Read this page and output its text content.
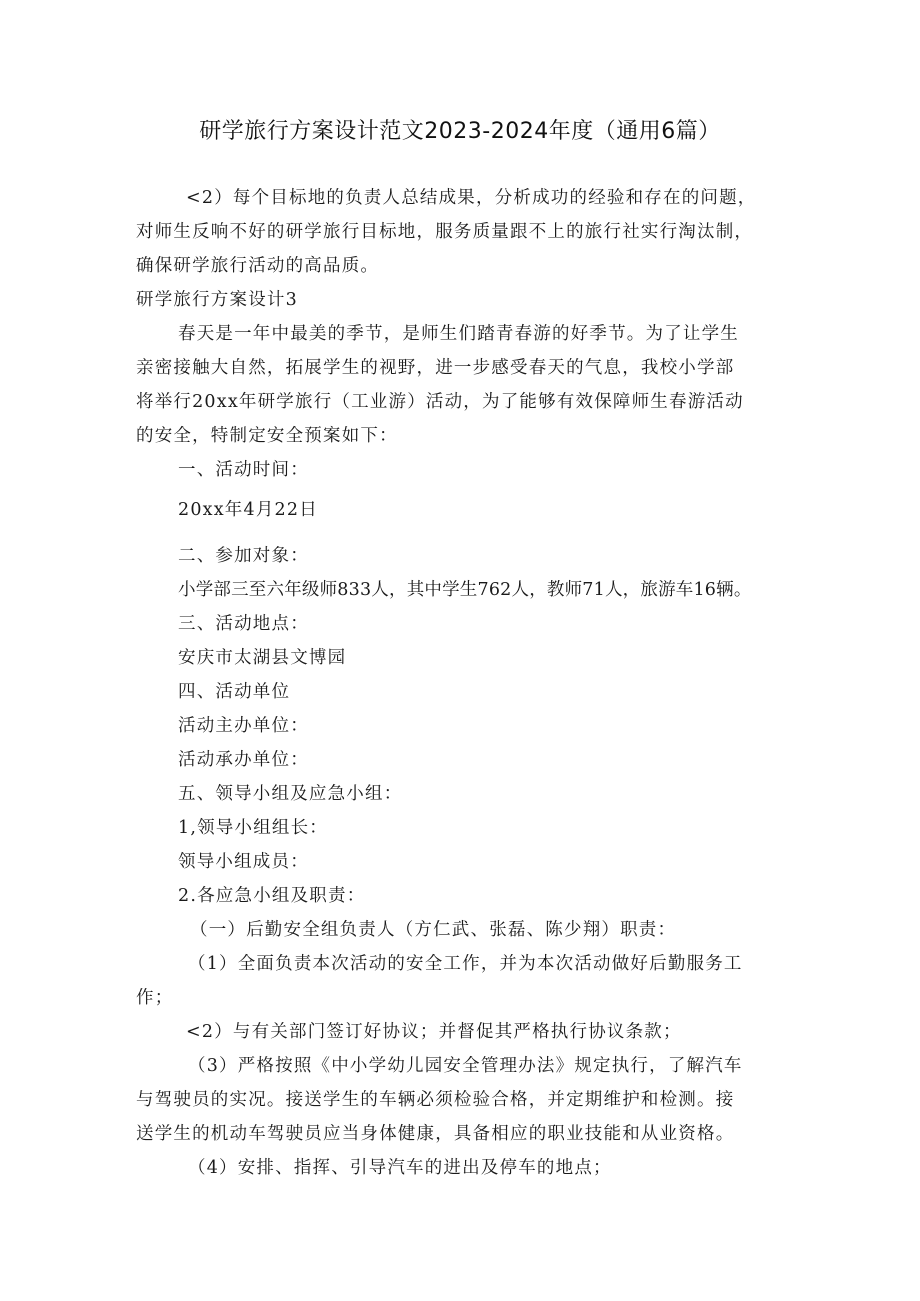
研学旅行方案设计范文2023-2024年度（通用6篇）
<2）每个目标地的负责人总结成果，分析成功的经验和存在的问题，
对师生反响不好的研学旅行目标地，服务质量跟不上的旅行社实行淘汰制，
确保研学旅行活动的高品质。
研学旅行方案设计3
春天是一年中最美的季节，是师生们踏青春游的好季节。为了让学生
亲密接触大自然，拓展学生的视野，进一步感受春天的气息，我校小学部
将举行20xx年研学旅行（工业游）活动，为了能够有效保障师生春游活动
的安全，特制定安全预案如下：
一、活动时间：
20xx年4月22日
二、参加对象：
小学部三至六年级师833人，其中学生762人，教师71人，旅游车16辆。
三、活动地点：
安庆市太湖县文博园
四、活动单位
活动主办单位：
活动承办单位：
五、领导小组及应急小组：
1,领导小组组长：
领导小组成员：
2.各应急小组及职责：
（一）后勤安全组负责人（方仁武、张磊、陈少翔）职责：
（1）全面负责本次活动的安全工作，并为本次活动做好后勤服务工
作；
<2）与有关部门签订好协议；并督促其严格执行协议条款；
（3）严格按照《中小学幼儿园安全管理办法》规定执行，了解汽车
与驾驶员的实况。接送学生的车辆必须检验合格，并定期维护和检测。接
送学生的机动车驾驶员应当身体健康，具备相应的职业技能和从业资格。
（4）安排、指挥、引导汽车的进出及停车的地点；
